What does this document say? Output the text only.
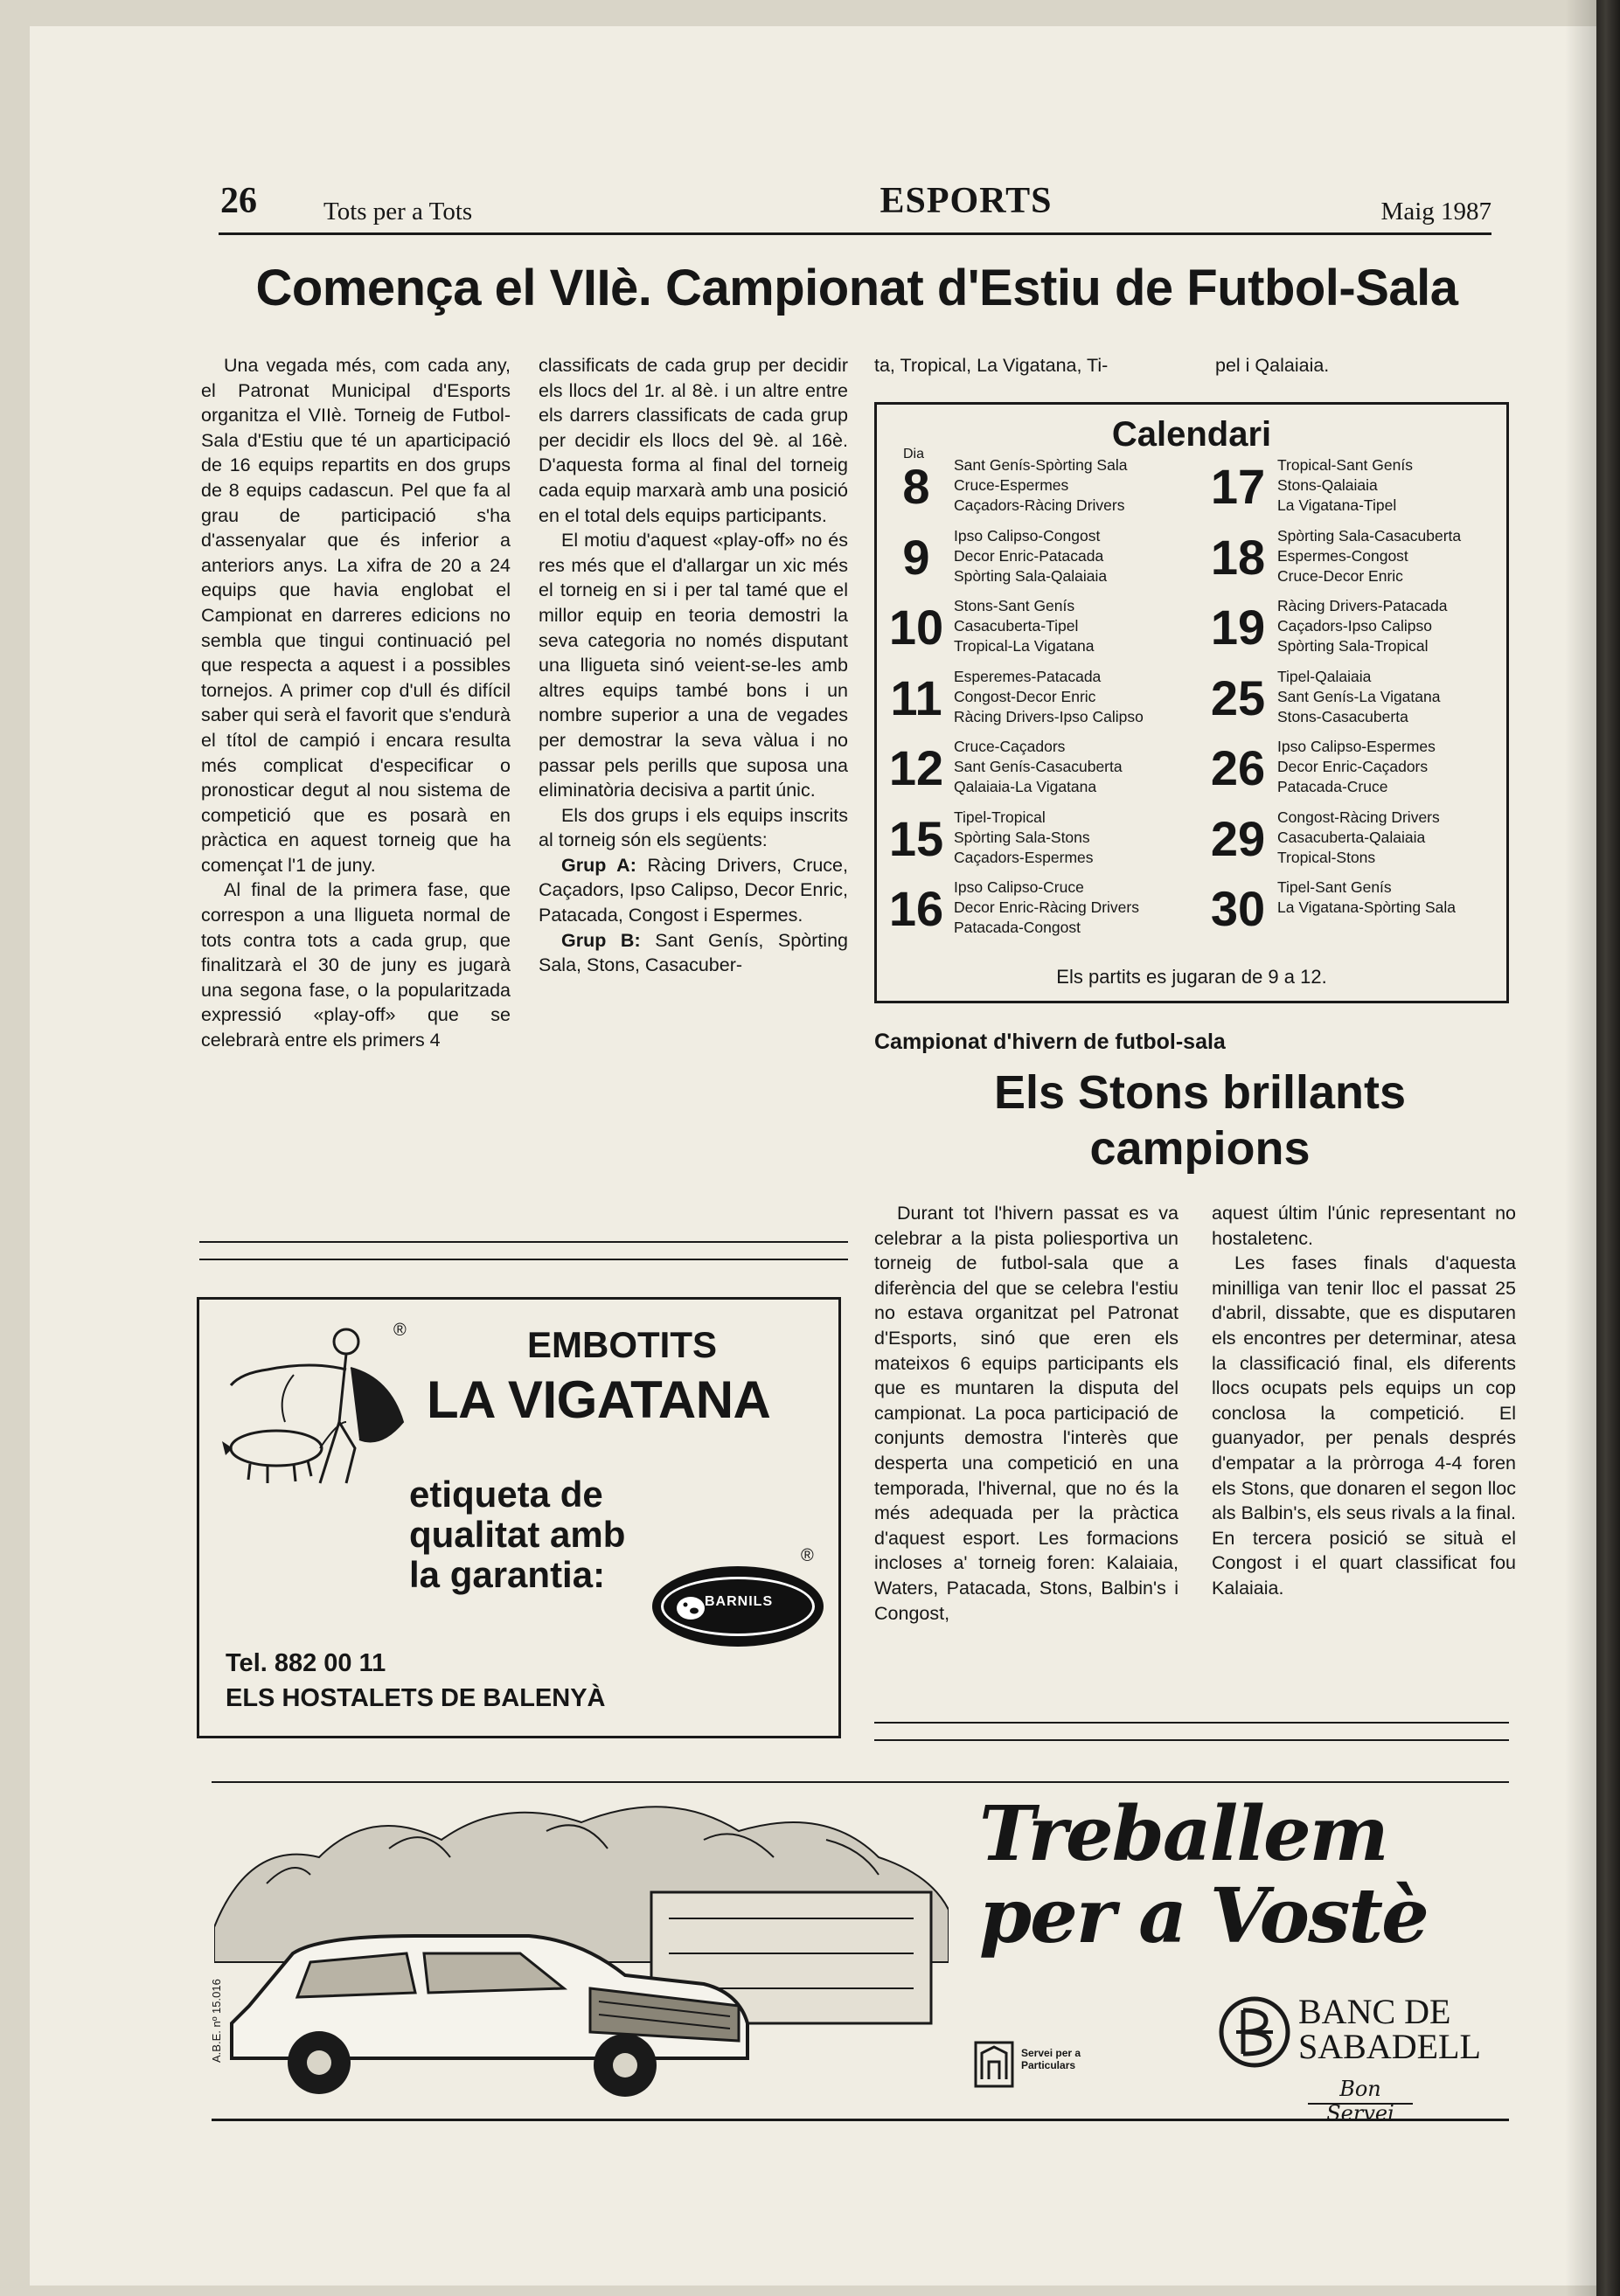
26	Tots per a Tots	ESPORTS	Maig 1987
Comença el VIIè. Campionat d'Estiu de Futbol-Sala

Una vegada més, com cada any, el Patronat Municipal d'Esports organitza el VIIè. Torneig de Futbol-Sala d'Estiu que té un aparticipació de 16 equips repartits en dos grups de 8 equips cadascun. Pel que fa al grau de participació s'ha d'assenyalar que és inferior a anteriors anys. La xifra de 20 a 24 equips que havia englobat el Campionat en darreres edicions no sembla que tingui continuació pel que respecta a aquest i a possibles tornejos. A primer cop d'ull és difícil saber qui serà el favorit que s'endurà el títol de campió i encara resulta més complicat d'especificar o pronosticar degut al nou sistema de competició que es posarà en pràctica en aquest torneig que ha començat l'1 de juny.

Al final de la primera fase, que correspon a una lligueta normal de tots contra tots a cada grup, que finalitzarà el 30 de juny es jugarà una segona fase, o la popularitzada expressió «play-off» que se celebrarà entre els primers 4

classificats de cada grup per decidir els llocs del 1r. al 8è. i un altre entre els darrers classificats de cada grup per decidir els llocs del 9è. al 16è. D'aquesta forma al final del torneig cada equip marxarà amb una posició en el total dels equips participants.

El motiu d'aquest «play-off» no és res més que el d'allargar un xic més el torneig en si i per tal tamé que el millor equip en teoria demostri la seva categoria no només disputant una lligueta sinó veient-se-les amb altres equips també bons i un nombre superior a una de vegades per demostrar la seva vàlua i no passar pels perills que suposa una eliminatòria decisiva a partit únic.

Els dos grups i els equips inscrits al torneig són els següents:

Grup A: Ràcing Drivers, Cruce, Caçadors, Ipso Calipso, Decor Enric, Patacada, Congost i Espermes.

Grup B: Sant Genís, Spòrting Sala, Stons, Casacuber-

ta, Tropical, La Vigatana, Ti-	pel i Qalaiaia.
Calendari
Dia
8	Sant Genís-Spòrting Sala
Cruce-Espermes
Caçadors-Ràcing Drivers
9	Ipso Calipso-Congost
Decor Enric-Patacada
Spòrting Sala-Qalaiaia
10 Stons-Sant Genís
Casacuberta-Tipel
Tropical-La Vigatana
11 Esperemes-Patacada
Congost-Decor Enric
Ràcing Drivers-Ipso Calipso
12 Cruce-Caçadors
Sant Genís-Casacuberta
Qalaiaia-La Vigatana
15 Tipel-Tropical
Spòrting Sala-Stons
Caçadors-Espermes
16 Ipso Calipso-Cruce
Decor Enric-Ràcing Drivers
Patacada-Congost
17 Tropical-Sant Genís
Stons-Qalaiaia
La Vigatana-Tipel
18 Spòrting Sala-Casacuberta
Espermes-Congost
Cruce-Decor Enric
19 Ràcing Drivers-Patacada
Caçadors-Ipso Calipso
Spòrting Sala-Tropical
25 Tipel-Qalaiaia
Sant Genís-La Vigatana
Stons-Casacuberta
26 Ipso Calipso-Espermes
Decor Enric-Caçadors
Patacada-Cruce
29 Congost-Ràcing Drivers
Casacuberta-Qalaiaia
Tropical-Stons
30 Tipel-Sant Genís
La Vigatana-Spòrting Sala
Els partits es jugaran de 9 a 12.
Campionat d'hivern de futbol-sala
Els Stons brillants
campions

Durant tot l'hivern passat es va celebrar a la pista poliesportiva un torneig de futbol-sala que a diferència del que se celebra l'estiu no estava organitzat pel Patronat d'Esports, sinó que eren els mateixos 6 equips participants els que es muntaren la disputa del campionat. La poca participació de conjunts demostra l'interès que desperta una competició en una temporada, l'hivernal, que no és la més adequada per la pràctica d'aquest esport. Les formacions incloses a' torneig foren: Kalaiaia, Waters, Patacada, Stons, Balbin's i Congost,

aquest últim l'únic representant no hostaletenc.

Les fases finals d'aquesta minilliga van tenir lloc el passat 25 d'abril, dissabte, que es disputaren els encontres per determinar, atesa la classificació final, els diferents llocs ocupats pels equips un cop conclosa la competició. El guanyador, per penals després d'empatar a la pròrroga 4-4 foren els Stons, que donaren el segon lloc als Balbin's, els seus rivals a la final. En tercera posició se situà el Congost i el quart classificat fou Kalaiaia.

®	EMBOTITS
LA VIGATANA
etiqueta de
qualitat amb
la garantia:	®
BARNILS
Tel. 882 00 11
ELS HOSTALETS DE BALENYÀ
A.B.E. nº 15.016
Treballem
per a Vostè
BANC DE
SABADELL
Bon Servei
Servei per a
Particulars
